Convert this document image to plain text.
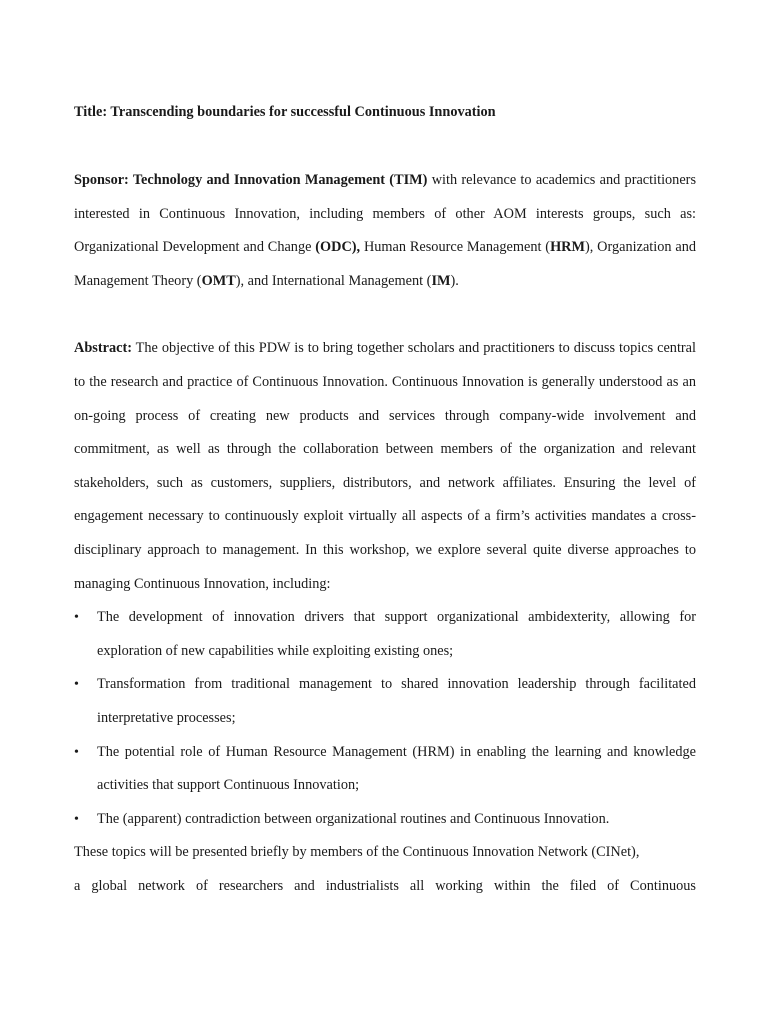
Title: Transcending boundaries for successful Continuous Innovation

Sponsor: Technology and Innovation Management (TIM) with relevance to academics and practitioners interested in Continuous Innovation, including members of other AOM interests groups, such as: Organizational Development and Change (ODC), Human Resource Management (HRM), Organization and Management Theory (OMT), and International Management (IM).

Abstract: The objective of this PDW is to bring together scholars and practitioners to discuss topics central to the research and practice of Continuous Innovation. Continuous Innovation is generally understood as an on-going process of creating new products and services through company-wide involvement and commitment, as well as through the collaboration between members of the organization and relevant stakeholders, such as customers, suppliers, distributors, and network affiliates. Ensuring the level of engagement necessary to continuously exploit virtually all aspects of a firm’s activities mandates a cross-disciplinary approach to management. In this workshop, we explore several quite diverse approaches to managing Continuous Innovation, including:

• The development of innovation drivers that support organizational ambidexterity, allowing for exploration of new capabilities while exploiting existing ones;
• Transformation from traditional management to shared innovation leadership through facilitated interpretative processes;
• The potential role of Human Resource Management (HRM) in enabling the learning and knowledge activities that support Continuous Innovation;
• The (apparent) contradiction between organizational routines and Continuous Innovation.

These topics will be presented briefly by members of the Continuous Innovation Network (CINet),

a global network of researchers and industrialists all working within the filed of Continuous
